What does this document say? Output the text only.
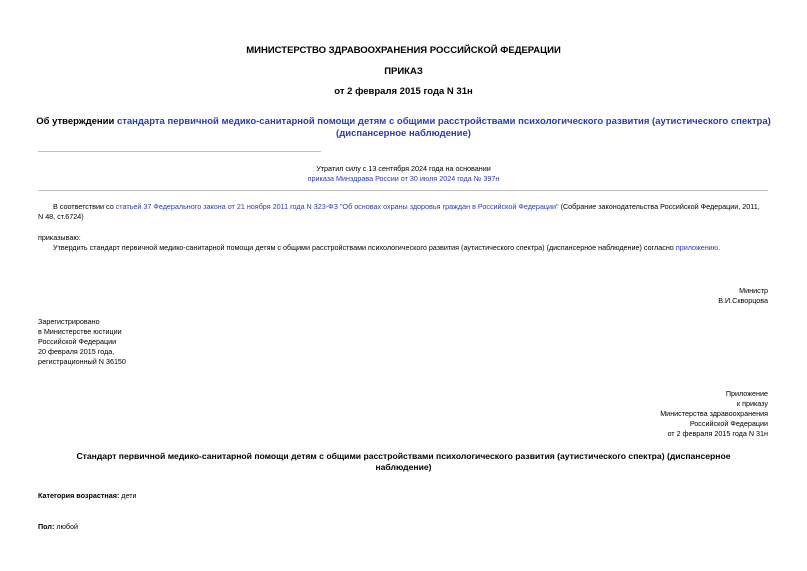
МИНИСТЕРСТВО ЗДРАВООХРАНЕНИЯ РОССИЙСКОЙ ФЕДЕРАЦИИ
ПРИКАЗ
от 2 февраля 2015 года N 31н
Об утверждении стандарта первичной медико-санитарной помощи детям с общими расстройствами психологического развития (аутистического спектра)
(диспансерное наблюдение)
Утратил силу с 13 сентября 2024 года на основании
приказа Минздрава России от 30 июля 2024 года № 397н
В соответствии со статьей 37 Федерального закона от 21 ноября 2011 года N 323-ФЗ "Об основах охраны здоровья граждан в Российской Федерации" (Собрание законодательства Российской Федерации, 2011,
N 48, ст.6724)
приказываю:
Утвердить стандарт первичной медико-санитарной помощи детям с общими расстройствами психологического развития (аутистического спектра) (диспансерное наблюдение) согласно приложению.
Министр
В.И.Скворцова
Зарегистрировано
в Министерстве юстиции
Российской Федерации
20 февраля 2015 года,
регистрационный N 36150
Приложение
к приказу
Министерства здравоохранения
Российской Федерации
от 2 февраля 2015 года N 31н
Стандарт первичной медико-санитарной помощи детям с общими расстройствами психологического развития (аутистического спектра) (диспансерное
наблюдение)
Категория возрастная: дети
Пол: любой
